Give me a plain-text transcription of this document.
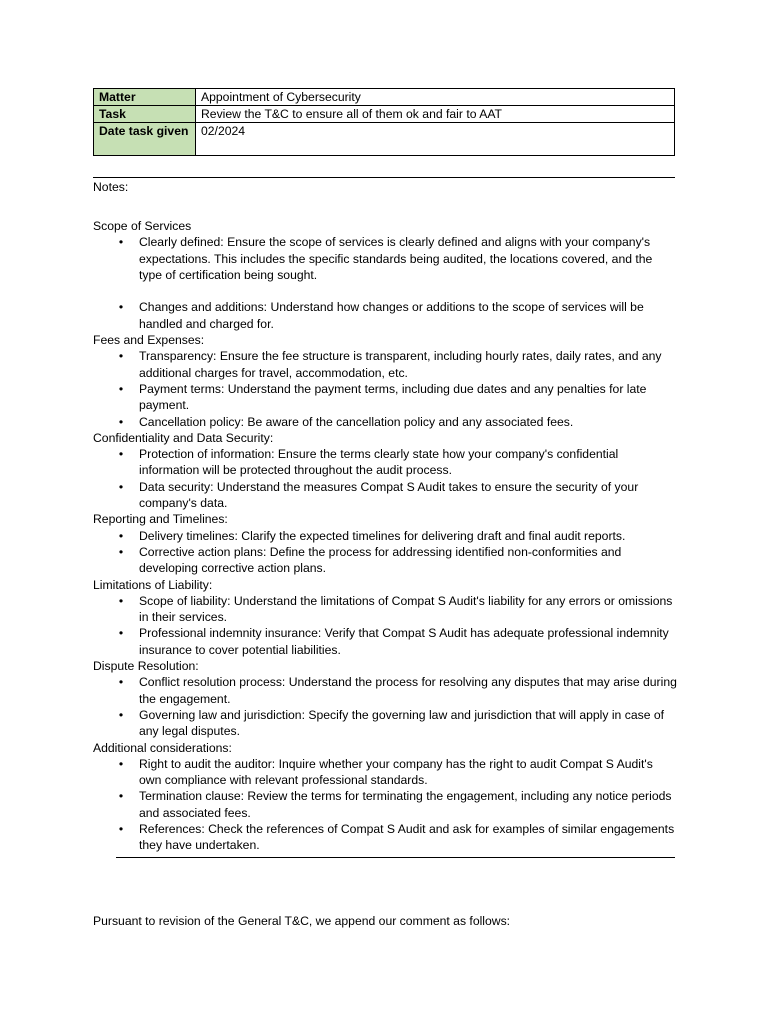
Matter	Appointment of Cybersecurity
Task	Review the T&C to ensure all of them ok and fair to AAT
Date task given	02/2024
Notes:
Scope of Services
•	Clearly defined: Ensure the scope of services is clearly defined and aligns with your company's expectations. This includes the specific standards being audited, the locations covered, and the type of certification being sought.
•	Changes and additions: Understand how changes or additions to the scope of services will be handled and charged for.
Fees and Expenses:
•	Transparency: Ensure the fee structure is transparent, including hourly rates, daily rates, and any additional charges for travel, accommodation, etc.
•	Payment terms: Understand the payment terms, including due dates and any penalties for late payment.
•	Cancellation policy: Be aware of the cancellation policy and any associated fees.
Confidentiality and Data Security:
•	Protection of information: Ensure the terms clearly state how your company's confidential information will be protected throughout the audit process.
•	Data security: Understand the measures Compat S Audit takes to ensure the security of your company's data.
Reporting and Timelines:
•	Delivery timelines: Clarify the expected timelines for delivering draft and final audit reports.
•	Corrective action plans: Define the process for addressing identified non-conformities and developing corrective action plans.
Limitations of Liability:
•	Scope of liability: Understand the limitations of Compat S Audit's liability for any errors or omissions in their services.
•	Professional indemnity insurance: Verify that Compat S Audit has adequate professional indemnity insurance to cover potential liabilities.
Dispute Resolution:
•	Conflict resolution process: Understand the process for resolving any disputes that may arise during the engagement.
•	Governing law and jurisdiction: Specify the governing law and jurisdiction that will apply in case of any legal disputes.
Additional considerations:
•	Right to audit the auditor: Inquire whether your company has the right to audit Compat S Audit's own compliance with relevant professional standards.
•	Termination clause: Review the terms for terminating the engagement, including any notice periods and associated fees.
•	References: Check the references of Compat S Audit and ask for examples of similar engagements they have undertaken.
Pursuant to revision of the General T&C, we append our comment as follows:
